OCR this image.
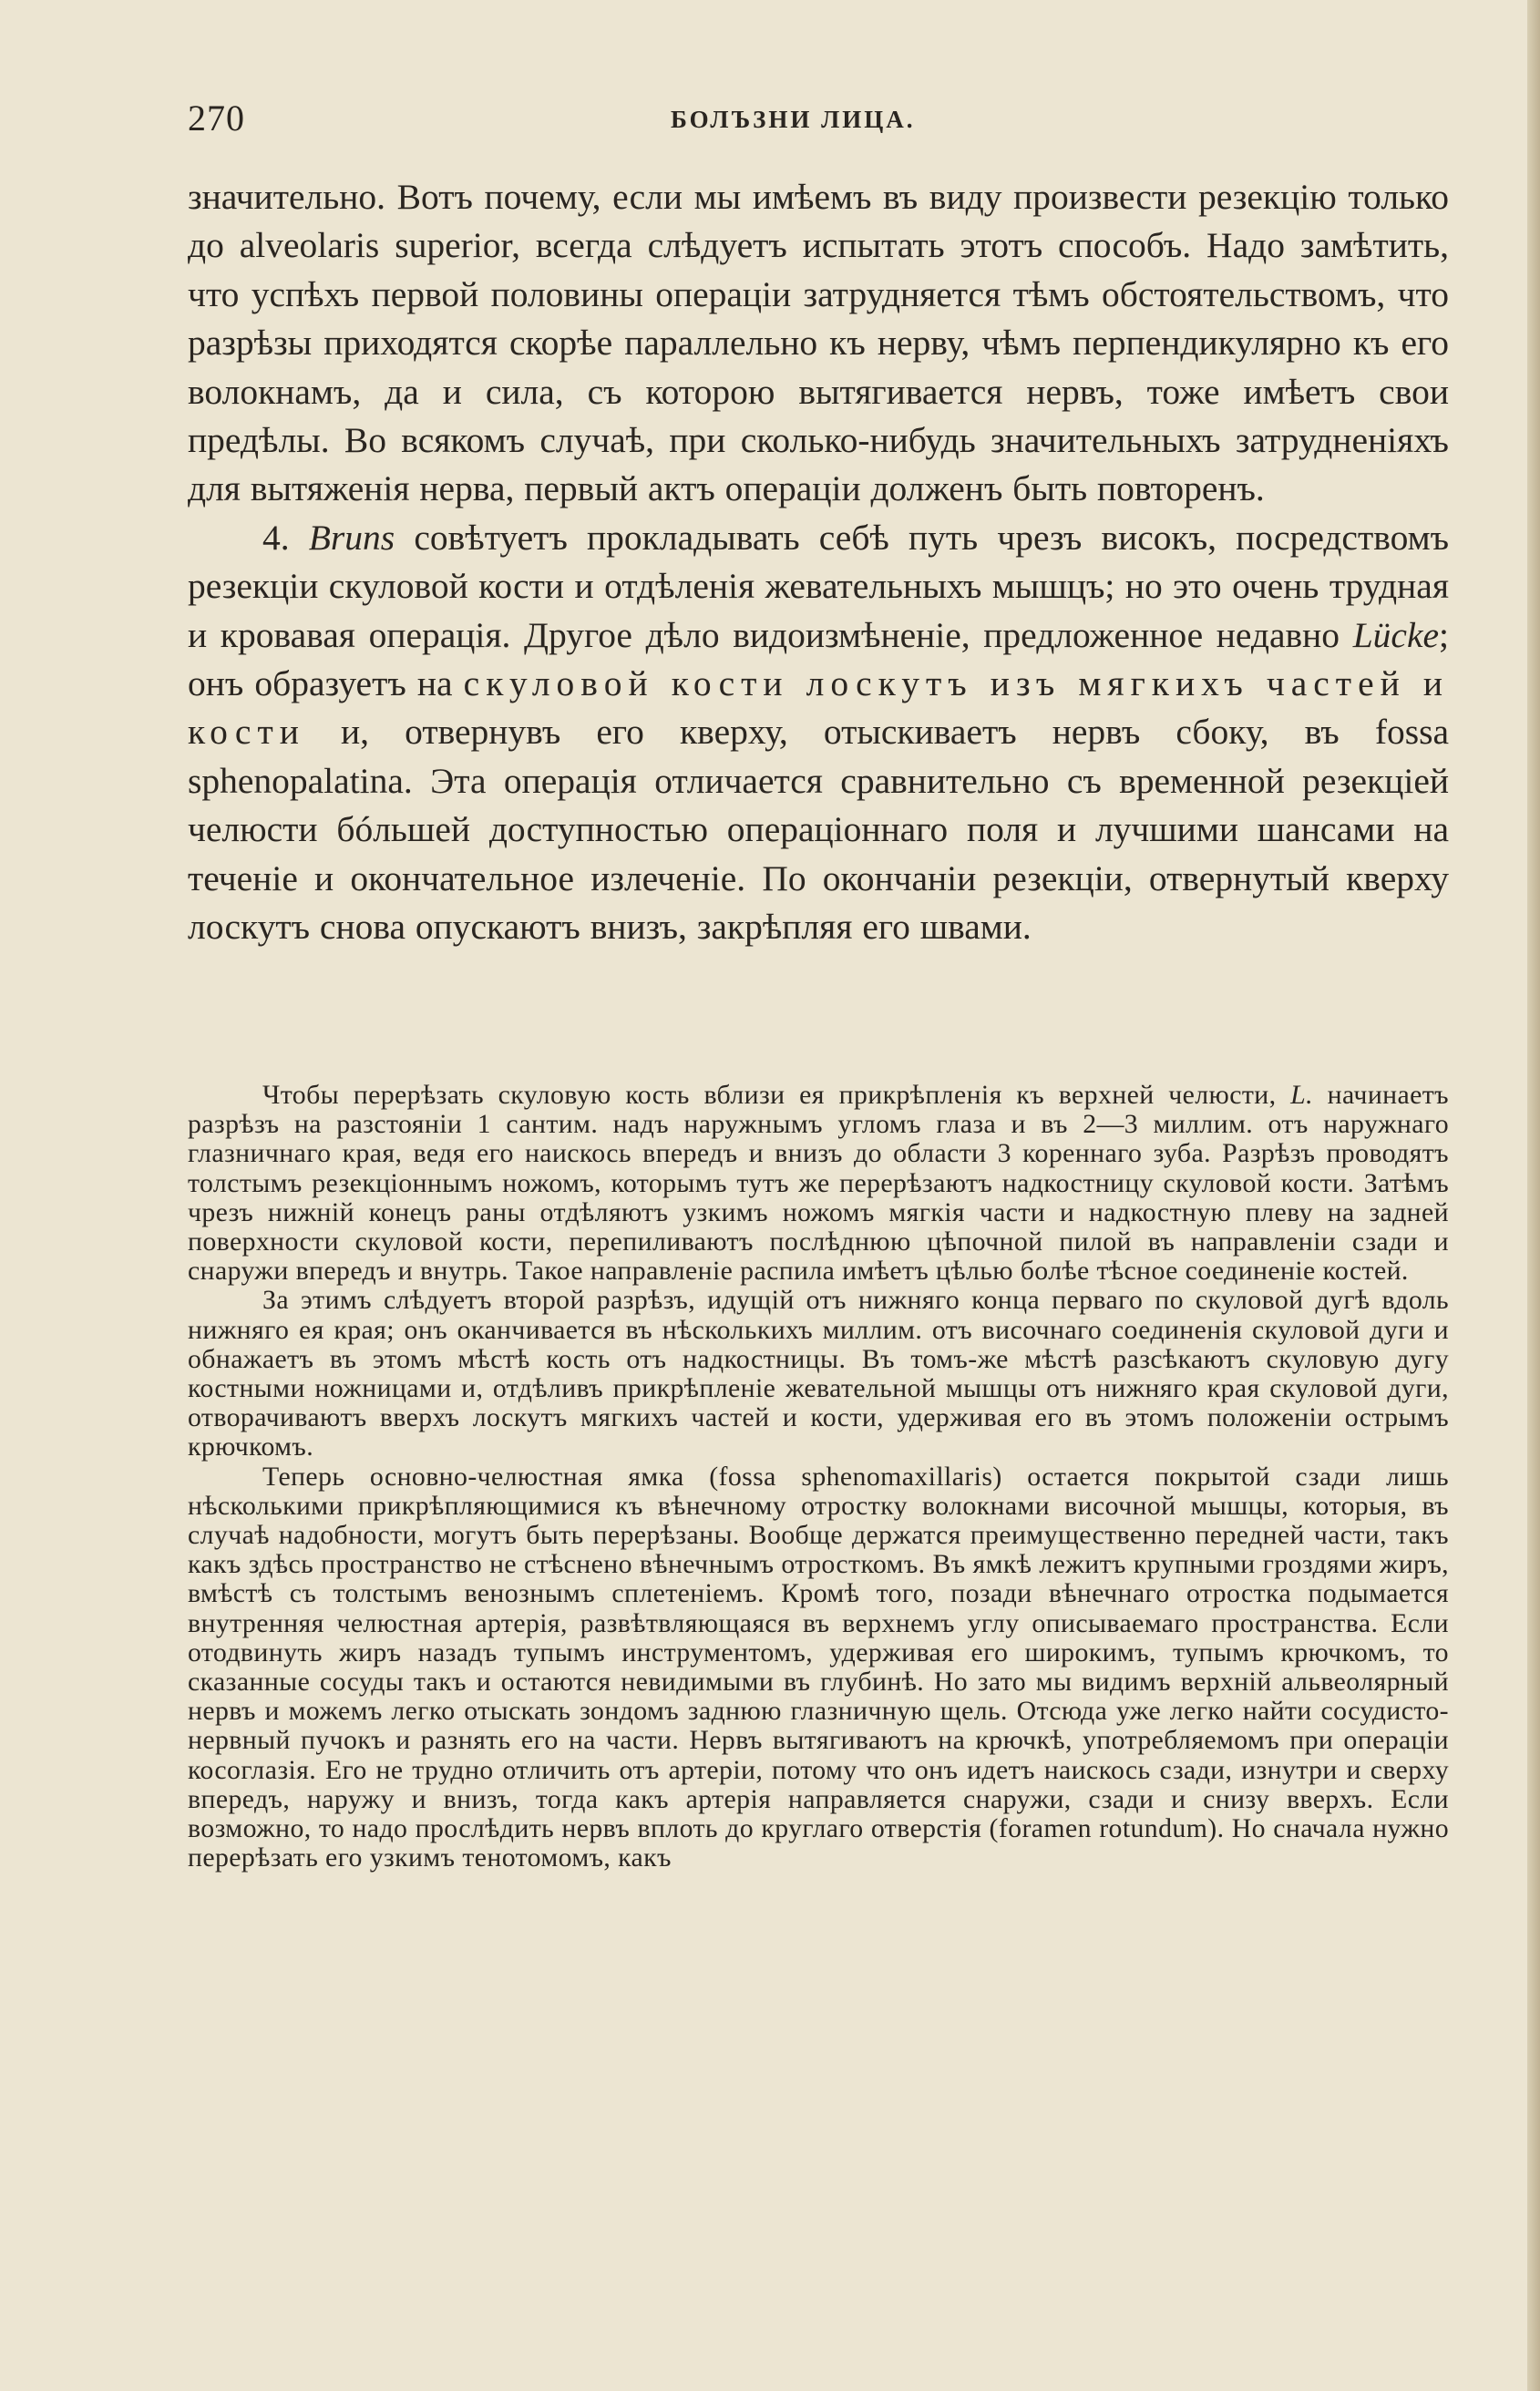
270	БОЛЪЗНИ ЛИЦА.

значительно. Вотъ почему, если мы имѣемъ въ виду произвести резекцію только до alveolaris superior, всегда слѣдуетъ испытать этотъ способъ. Надо замѣтить, что успѣхъ первой половины операціи затрудняется тѣмъ обстоятельствомъ, что разрѣзы приходятся скорѣе параллельно къ нерву, чѣмъ перпендикулярно къ его волокнамъ, да и сила, съ которою вытягивается нервъ, тоже имѣетъ свои предѣлы. Во всякомъ случаѣ, при сколько-нибудь значительныхъ затрудненіяхъ для вытяженія нерва, первый актъ операціи долженъ быть повторенъ.

4. Bruns совѣтуетъ прокладывать себѣ путь чрезъ високъ, посредствомъ резекціи скуловой кости и отдѣленія жевательныхъ мышцъ; но это очень трудная и кровавая операція. Другое дѣло видоизмѣненіе, предложенное недавно Lücke; онъ образуетъ на скуловой кости лоскутъ изъ мягкихъ частей и кости и, отвернувъ его кверху, отыскиваетъ нервъ сбоку, въ fossa sphenopalatina. Эта операція отличается сравнительно съ временной резекціей челюсти бóльшей доступностью операціоннаго поля и лучшими шансами на теченіе и окончательное излеченіе. По окончаніи резекціи, отвернутый кверху лоскутъ снова опускаютъ внизъ, закрѣпляя его швами.

Чтобы перерѣзать скуловую кость вблизи ея прикрѣпленія къ верхней челюсти, L. начинаетъ разрѣзъ на разстояніи 1 сантим. надъ наружнымъ угломъ глаза и въ 2—3 миллим. отъ наружнаго глазничнаго края, ведя его наискось впередъ и внизъ до области 3 кореннаго зуба. Разрѣзъ проводятъ толстымъ резекціоннымъ ножомъ, которымъ тутъ же перерѣзаютъ надкостницу скуловой кости. Затѣмъ чрезъ нижній конецъ раны отдѣляютъ узкимъ ножомъ мягкія части и надкостную плеву на задней поверхности скуловой кости, перепиливаютъ послѣднюю цѣпочной пилой въ направленіи сзади и снаружи впередъ и внутрь. Такое направленіе распила имѣетъ цѣлью болѣе тѣсное соединеніе костей.

За этимъ слѣдуетъ второй разрѣзъ, идущій отъ нижняго конца перваго по скуловой дугѣ вдоль нижняго ея края; онъ оканчивается въ нѣсколькихъ миллим. отъ височнаго соединенія скуловой дуги и обнажаетъ въ этомъ мѣстѣ кость отъ надкостницы. Въ томъ-же мѣстѣ разсѣкаютъ скуловую дугу костными ножницами и, отдѣливъ прикрѣпленіе жевательной мышцы отъ нижняго края скуловой дуги, отворачиваютъ вверхъ лоскутъ мягкихъ частей и кости, удерживая его въ этомъ положеніи острымъ крючкомъ.

Теперь основно-челюстная ямка (fossa sphenomaxillaris) остается покрытой сзади лишь нѣсколькими прикрѣпляющимися къ вѣнечному отростку волокнами височной мышцы, которыя, въ случаѣ надобности, могутъ быть перерѣзаны. Вообще держатся преимущественно передней части, такъ какъ здѣсь пространство не стѣснено вѣнечнымъ отросткомъ. Въ ямкѣ лежитъ крупными гроздями жиръ, вмѣстѣ съ толстымъ венознымъ сплетеніемъ. Кромѣ того, позади вѣнечнаго отростка подымается внутренняя челюстная артерія, развѣтвляющаяся въ верхнемъ углу описываемаго пространства. Если отодвинуть жиръ назадъ тупымъ инструментомъ, удерживая его широкимъ, тупымъ крючкомъ, то сказанные сосуды такъ и остаются невидимыми въ глубинѣ. Но зато мы видимъ верхній альвеолярный нервъ и можемъ легко отыскать зондомъ заднюю глазничную щель. Отсюда уже легко найти сосудисто-нервный пучокъ и разнять его на части. Нервъ вытягиваютъ на крючкѣ, употребляемомъ при операціи косоглазія. Его не трудно отличить отъ артеріи, потому что онъ идетъ наискось сзади, изнутри и сверху впередъ, наружу и внизъ, тогда какъ артерія направляется снаружи, сзади и снизу вверхъ. Если возможно, то надо прослѣдить нервъ вплоть до круглаго отверстія (foramen rotundum). Но сначала нужно перерѣзать его узкимъ тенотомомъ, какъ
